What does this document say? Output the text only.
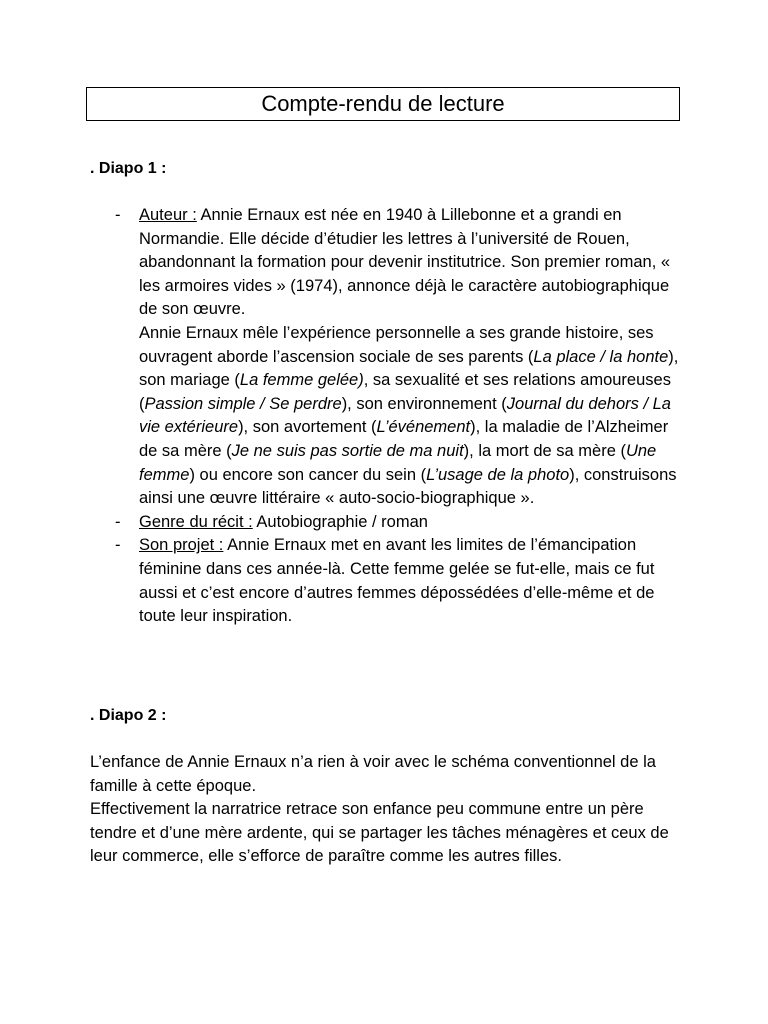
Compte-rendu de lecture
. Diapo 1 :
-	Auteur : Annie Ernaux est née en 1940 à Lillebonne et a grandi en Normandie. Elle décide d’étudier les lettres à l’université de Rouen, abandonnant la formation pour devenir institutrice. Son premier roman, « les armoires vides » (1974), annonce déjà le caractère autobiographique de son œuvre.
Annie Ernaux mêle l’expérience personnelle a ses grande histoire, ses ouvragent aborde l’ascension sociale de ses parents (La place / la honte), son mariage (La femme gelée), sa sexualité et ses relations amoureuses (Passion simple / Se perdre), son environnement (Journal du dehors / La vie extérieure), son avortement (L’événement), la maladie de l’Alzheimer de sa mère (Je ne suis pas sortie de ma nuit), la mort de sa mère (Une femme) ou encore son cancer du sein (L’usage de la photo), construisons ainsi une œuvre littéraire « auto-socio-biographique ».
-	Genre du récit : Autobiographie / roman
-	Son projet : Annie Ernaux met en avant les limites de l’émancipation féminine dans ces année-là. Cette femme gelée se fut-elle, mais ce fut aussi et c’est encore d’autres femmes dépossédées d’elle-même et de toute leur inspiration.
. Diapo 2 :
L’enfance de Annie Ernaux n’a rien à voir avec le schéma conventionnel de la famille à cette époque.
Effectivement la narratrice retrace son enfance peu commune entre un père tendre et d’une mère ardente, qui se partager les tâches ménagères et ceux de leur commerce, elle s’efforce de paraître comme les autres filles.
